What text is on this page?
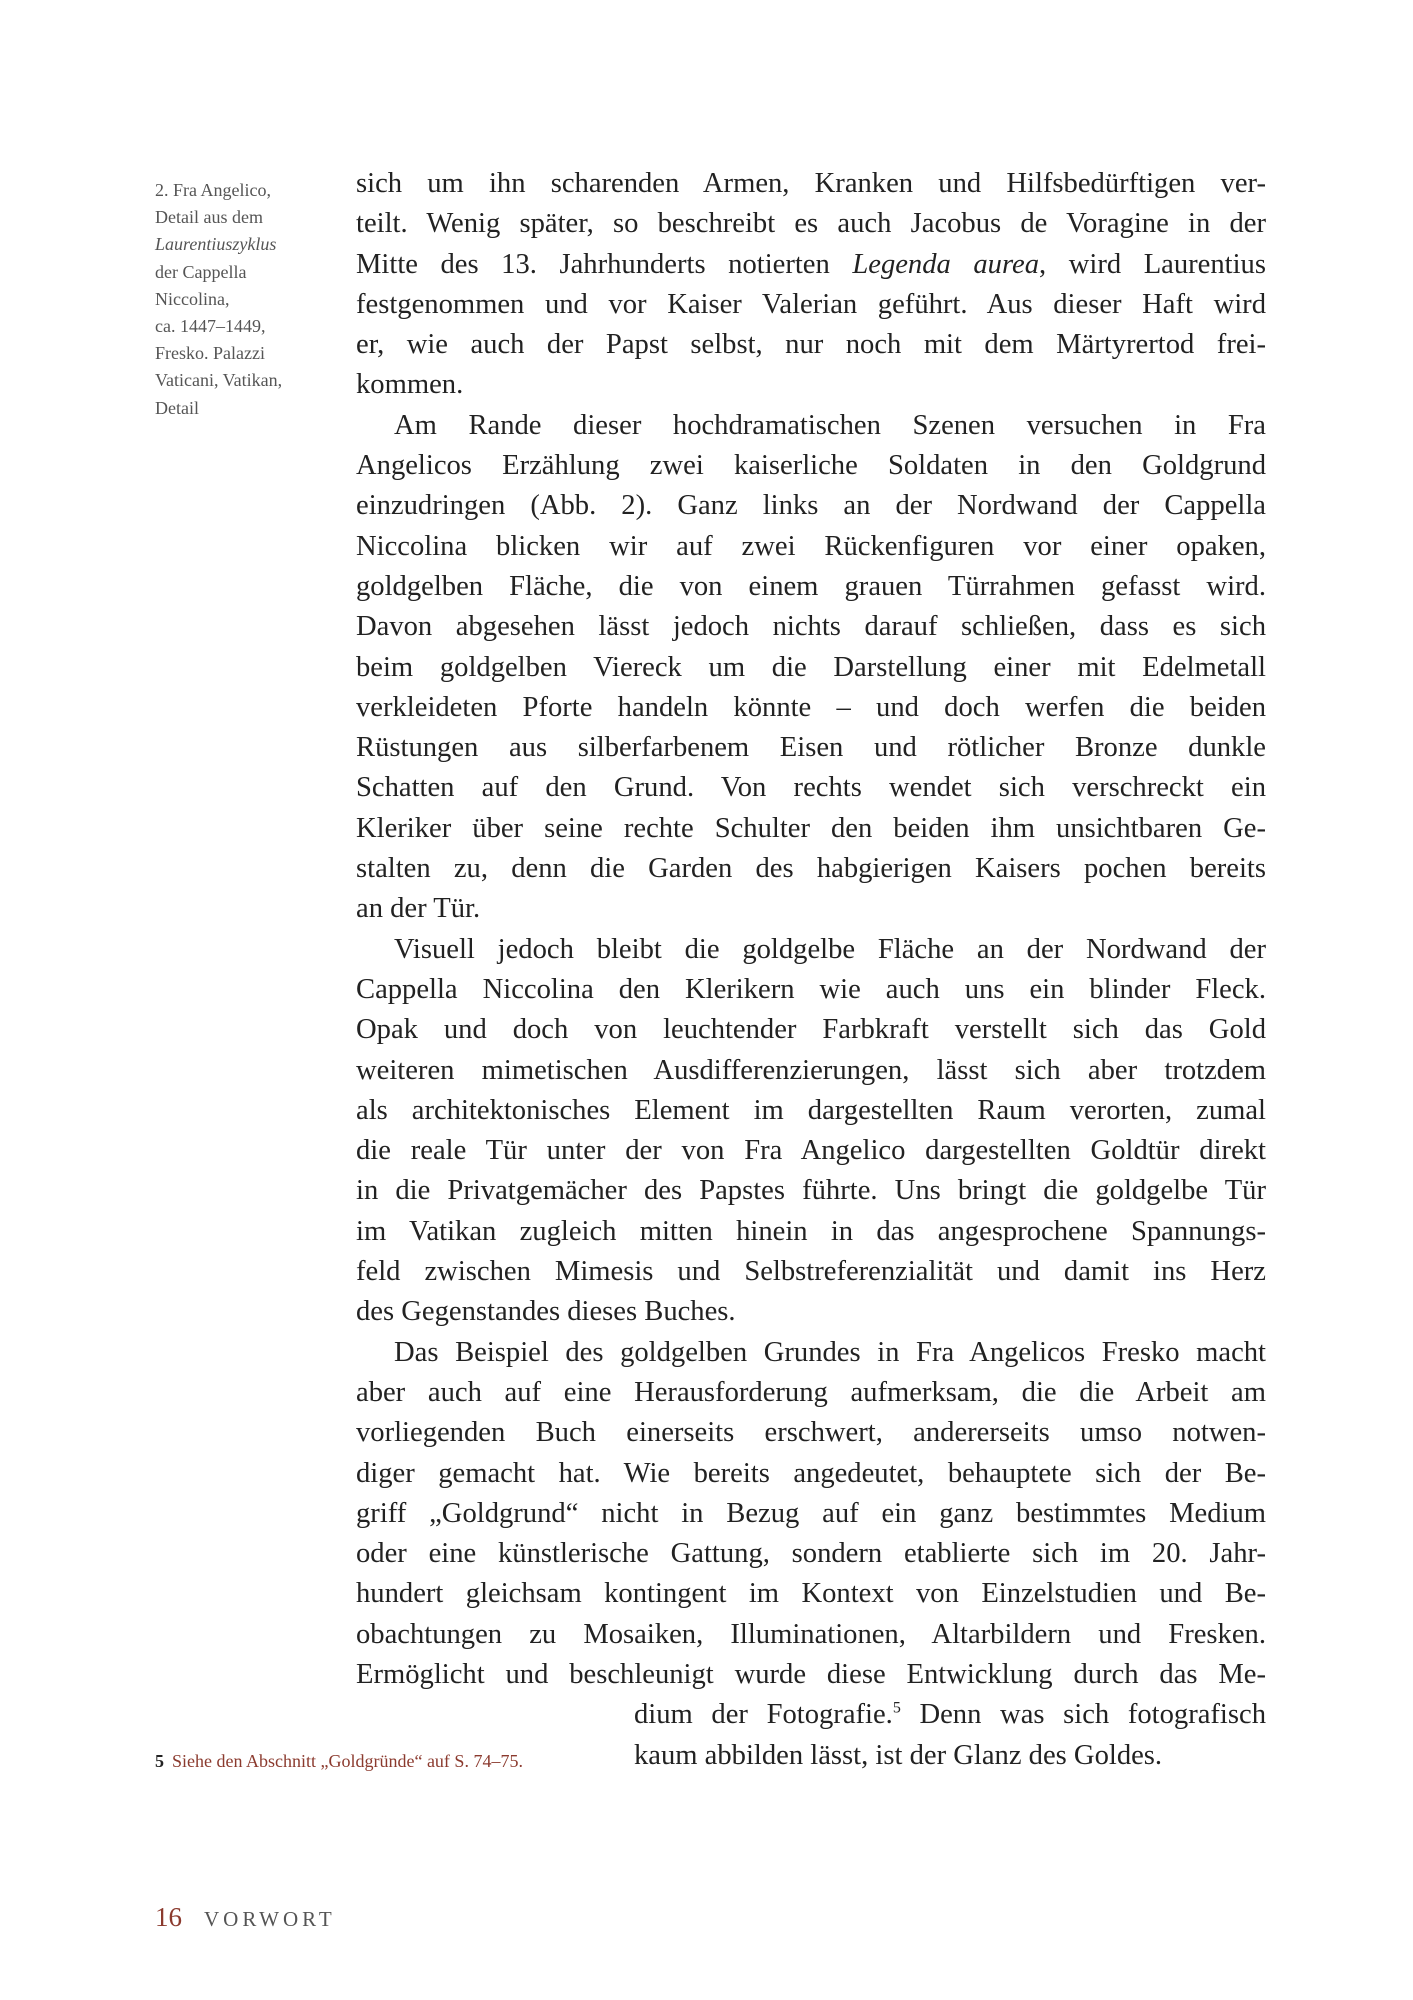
2. Fra Angelico,
Detail aus dem
Laurentiuszyklus
der Cappella
Niccolina,
ca. 1447–1449,
Fresko. Palazzi
Vaticani, Vatikan,
Detail
sich um ihn scharenden Armen, Kranken und Hilfsbedürftigen ver-
teilt. Wenig später, so beschreibt es auch Jacobus de Voragine in der
Mitte des 13. Jahrhunderts notierten Legenda aurea, wird Laurentius
festgenommen und vor Kaiser Valerian geführt. Aus dieser Haft wird
er, wie auch der Papst selbst, nur noch mit dem Märtyrertod frei-
kommen.
Am Rande dieser hochdramatischen Szenen versuchen in Fra
Angelicos Erzählung zwei kaiserliche Soldaten in den Goldgrund
einzudringen (Abb. 2). Ganz links an der Nordwand der Cappella
Niccolina blicken wir auf zwei Rückenfiguren vor einer opaken,
goldgelben Fläche, die von einem grauen Türrahmen gefasst wird.
Davon abgesehen lässt jedoch nichts darauf schließen, dass es sich
beim goldgelben Viereck um die Darstellung einer mit Edelmetall
verkleideten Pforte handeln könnte – und doch werfen die beiden
Rüstungen aus silberfarbenem Eisen und rötlicher Bronze dunkle
Schatten auf den Grund. Von rechts wendet sich verschreckt ein
Kleriker über seine rechte Schulter den beiden ihm unsichtbaren Ge-
stalten zu, denn die Garden des habgierigen Kaisers pochen bereits
an der Tür.
Visuell jedoch bleibt die goldgelbe Fläche an der Nordwand der
Cappella Niccolina den Klerikern wie auch uns ein blinder Fleck.
Opak und doch von leuchtender Farbkraft verstellt sich das Gold
weiteren mimetischen Ausdifferenzierungen, lässt sich aber trotzdem
als architektonisches Element im dargestellten Raum verorten, zumal
die reale Tür unter der von Fra Angelico dargestellten Goldtür direkt
in die Privatgemächer des Papstes führte. Uns bringt die goldgelbe Tür
im Vatikan zugleich mitten hinein in das angesprochene Spannungs-
feld zwischen Mimesis und Selbstreferenzialität und damit ins Herz
des Gegenstandes dieses Buches.
Das Beispiel des goldgelben Grundes in Fra Angelicos Fresko macht
aber auch auf eine Herausforderung aufmerksam, die die Arbeit am
vorliegenden Buch einerseits erschwert, andererseits umso notwen-
diger gemacht hat. Wie bereits angedeutet, behauptete sich der Be-
griff „Goldgrund“ nicht in Bezug auf ein ganz bestimmtes Medium
oder eine künstlerische Gattung, sondern etablierte sich im 20. Jahr-
hundert gleichsam kontingent im Kontext von Einzelstudien und Be-
obachtungen zu Mosaiken, Illuminationen, Altarbildern und Fresken.
Ermöglicht und beschleunigt wurde diese Entwicklung durch das Me-
dium der Fotografie.$^5$ Denn was sich fotografisch
kaum abbilden lässt, ist der Glanz des Goldes.
5 Siehe den Abschnitt „Goldgründe“ auf S. 74–75.
16 VORWORT
